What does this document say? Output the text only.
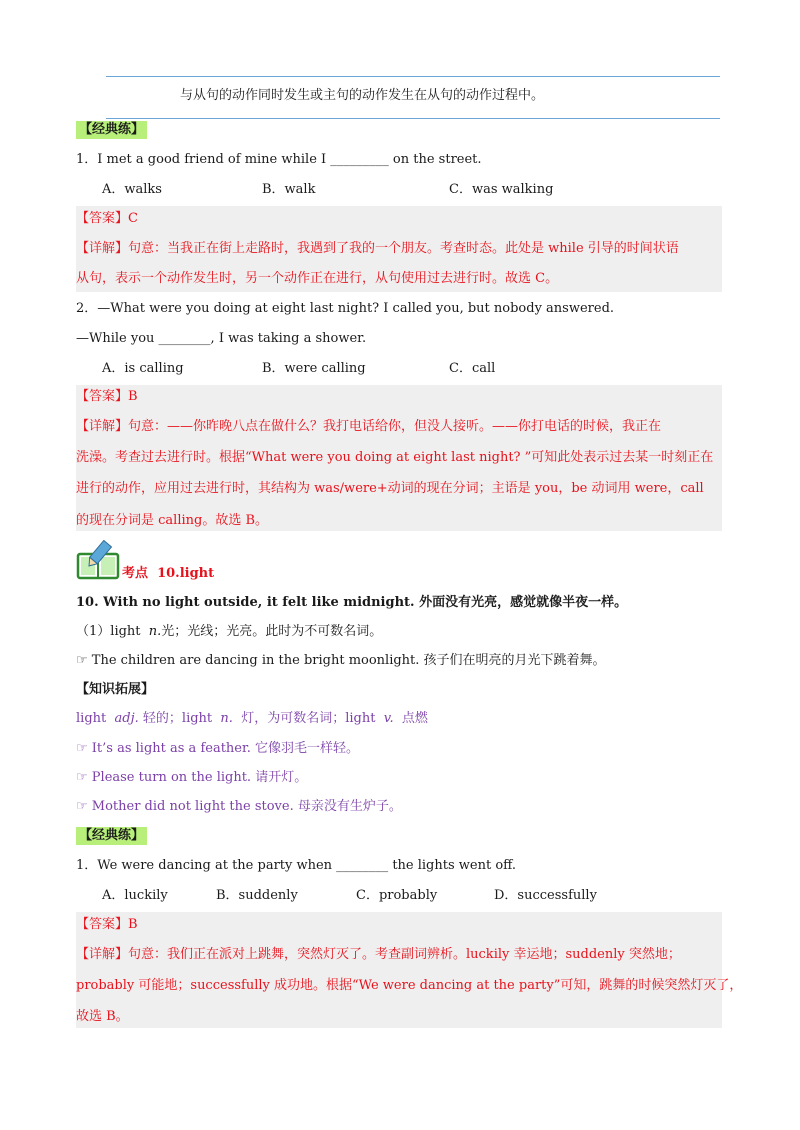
与从句的动作同时发生或主句的动作发生在从句的动作过程中。
【经典练】
1．I met a good friend of mine while I _________ on the street.
A．walks	B．walk	C．was walking
【答案】C
【详解】句意：当我正在街上走路时，我遇到了我的一个朋友。考查时态。此处是 while 引导的时间状语
从句，表示一个动作发生时，另一个动作正在进行，从句使用过去进行时。故选 C。
2．—What were you doing at eight last night? I called you, but nobody answered.
—While you ________, I was taking a shower.
A．is calling	B．were calling	C．call
【答案】B
【详解】句意：——你昨晚八点在做什么？我打电话给你，但没人接听。——你打电话的时候，我正在
洗澡。考查过去进行时。根据“What were you doing at eight last night? ”可知此处表示过去某一时刻正在
进行的动作，应用过去进行时，其结构为 was/were+动词的现在分词；主语是 you，be 动词用 were，call
的现在分词是 calling。故选 B。
考点 10.light
10. With no light outside, it felt like midnight. 外面没有光亮，感觉就像半夜一样。
（1）light n.光；光线；光亮。此时为不可数名词。
☞ The children are dancing in the bright moonlight. 孩子们在明亮的月光下跳着舞。
【知识拓展】
light adj. 轻的；light n. 灯，为可数名词；light v. 点燃
☞ It’s as light as a feather. 它像羽毛一样轻。
☞ Please turn on the light. 请开灯。
☞ Mother did not light the stove. 母亲没有生炉子。
【经典练】
1．We were dancing at the party when ________ the lights went off.
A．luckily	B．suddenly	C．probably	D．successfully
【答案】B
【详解】句意：我们正在派对上跳舞，突然灯灭了。考查副词辨析。luckily 幸运地；suddenly 突然地；
probably 可能地；successfully 成功地。根据“We were dancing at the party”可知，跳舞的时候突然灯灭了，
故选 B。
